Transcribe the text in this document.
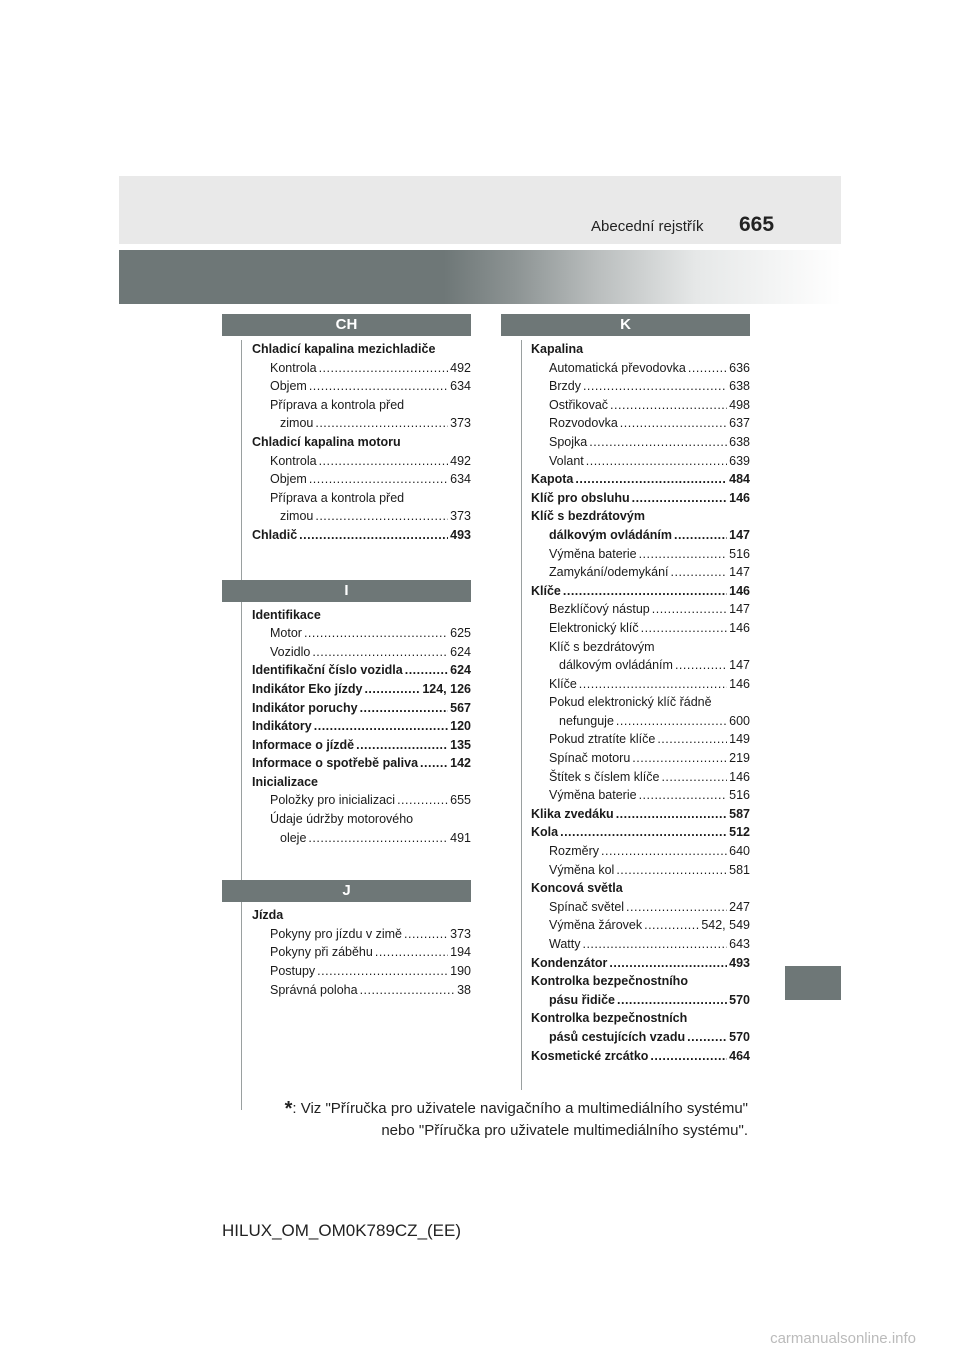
Abecední rejstřík 665
CH
Chladicí kapalina mezichladiče
Kontrola .....	492
Objem .....	634
Příprava a kontrola před
zimou .....	373
Chladicí kapalina motoru
Kontrola .....	492
Objem .....	634
Příprava a kontrola před
zimou .....	373
Chladič .....	493
I
Identifikace
Motor .....	625
Vozidlo .....	624
Identifikační číslo vozidla .....	624
Indikátor Eko jízdy .....	124, 126
Indikátor poruchy .....	567
Indikátory .....	120
Informace o jízdě .....	135
Informace o spotřebě paliva .....	142
Inicializace
Položky pro inicializaci .....	655
Údaje údržby motorového
oleje .....	491
J
Jízda
Pokyny pro jízdu v zimě .....	373
Pokyny při záběhu .....	194
Postupy .....	190
Správná poloha .....	38
K
Kapalina
Automatická převodovka .....	636
Brzdy .....	638
Ostřikovač .....	498
Rozvodovka .....	637
Spojka .....	638
Volant .....	639
Kapota .....	484
Klíč pro obsluhu .....	146
Klíč s bezdrátovým
dálkovým ovládáním .....	147
Výměna baterie .....	516
Zamykání/odemykání .....	147
Klíče .....	146
Bezklíčový nástup .....	147
Elektronický klíč .....	146
Klíč s bezdrátovým
dálkovým ovládáním .....	147
Klíče .....	146
Pokud elektronický klíč řádně
nefunguje .....	600
Pokud ztratíte klíče .....	149
Spínač motoru .....	219
Štítek s číslem klíče .....	146
Výměna baterie .....	516
Klika zvedáku .....	587
Kola .....	512
Rozměry .....	640
Výměna kol .....	581
Koncová světla
Spínač světel .....	247
Výměna žárovek .....	542, 549
Watty .....	643
Kondenzátor .....	493
Kontrolka bezpečnostního
pásu řidiče .....	570
Kontrolka bezpečnostních
pásů cestujících vzadu .....	570
Kosmetické zrcátko .....	464
*: Viz "Příručka pro uživatele navigačního a multimediálního systému"
nebo "Příručka pro uživatele multimediálního systému".
HILUX_OM_OM0K789CZ_(EE)
carmanualsonline.info
